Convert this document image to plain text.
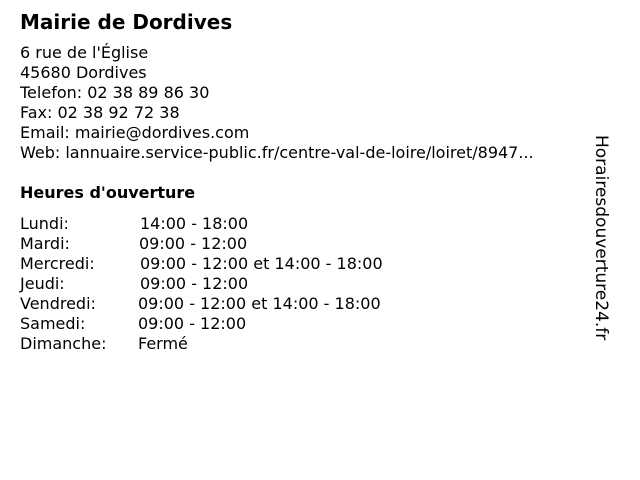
Mairie de Dordives
6 rue de l'Église
45680 Dordives
Telefon: 02 38 89 86 30
Fax: 02 38 92 72 38
Email: mairie@dordives.com
Web: lannuaire.service-public.fr/centre-val-de-loire/loiret/8947...
Heures d'ouverture
Lundi:	14:00 - 18:00
Mardi:	09:00 - 12:00
Mercredi:	09:00 - 12:00 et 14:00 - 18:00
Jeudi:	09:00 - 12:00
Vendredi:	09:00 - 12:00 et 14:00 - 18:00
Samedi:	09:00 - 12:00
Dimanche: Fermé
Horairesdouverture24.fr
